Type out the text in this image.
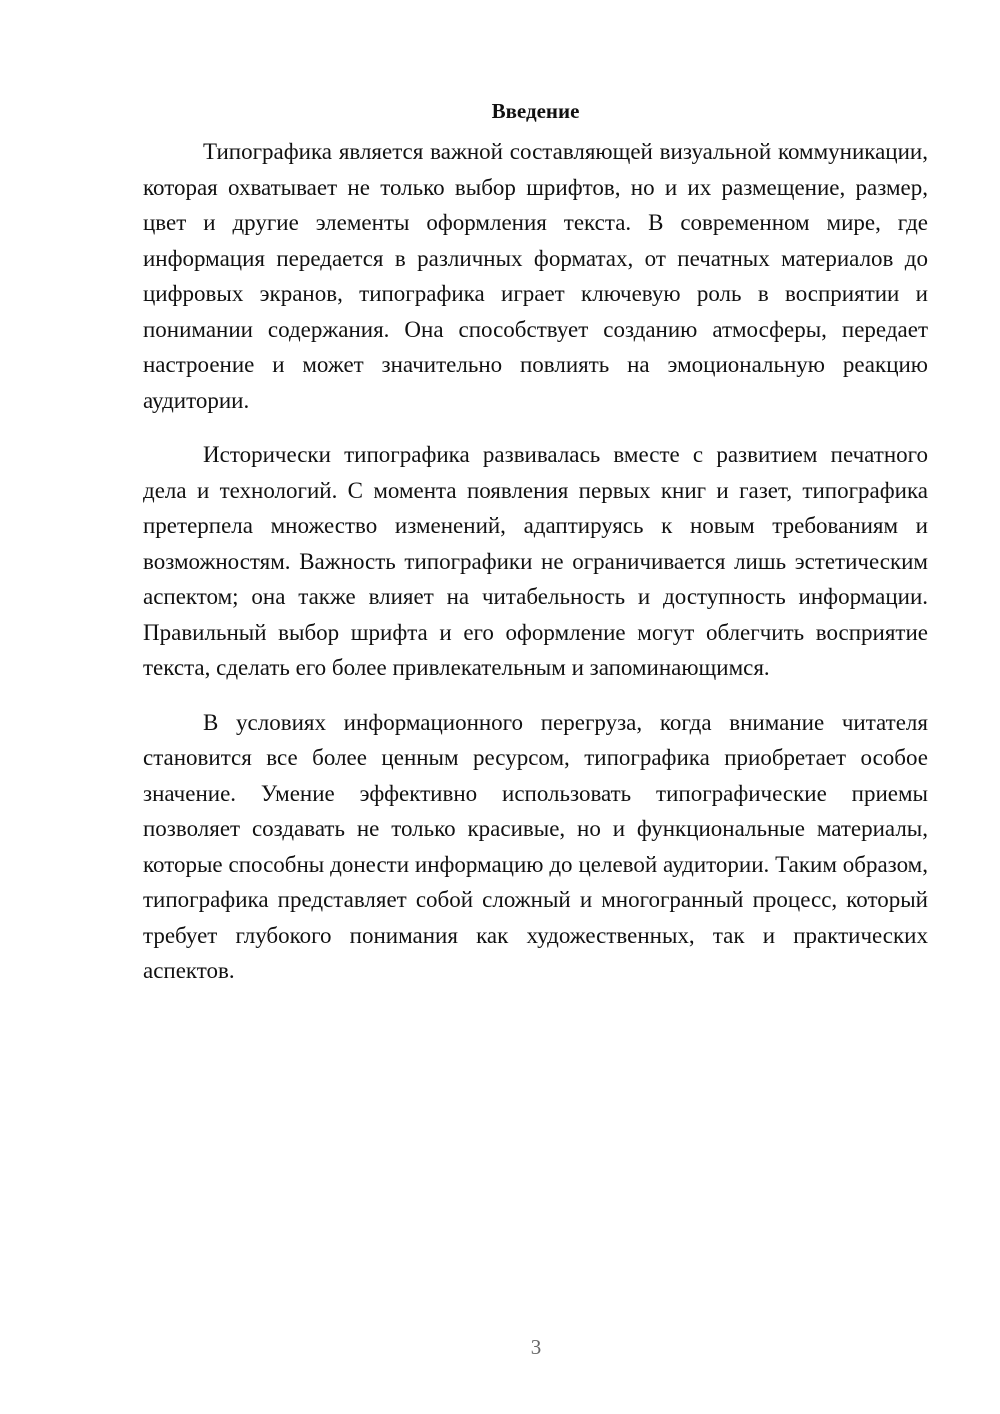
Введение

Типографика является важной составляющей визуальной коммуникации, которая охватывает не только выбор шрифтов, но и их размещение, размер, цвет и другие элементы оформления текста. В современном мире, где информация передается в различных форматах, от печатных материалов до цифровых экранов, типографика играет ключевую роль в восприятии и понимании содержания. Она способствует созданию атмосферы, передает настроение и может значительно повлиять на эмоциональную реакцию аудитории.

Исторически типографика развивалась вместе с развитием печатного дела и технологий. С момента появления первых книг и газет, типографика претерпела множество изменений, адаптируясь к новым требованиям и возможностям. Важность типографики не ограничивается лишь эстетическим аспектом; она также влияет на читабельность и доступность информации. Правильный выбор шрифта и его оформление могут облегчить восприятие текста, сделать его более привлекательным и запоминающимся.

В условиях информационного перегруза, когда внимание читателя становится все более ценным ресурсом, типографика приобретает особое значение. Умение эффективно использовать типографические приемы позволяет создавать не только красивые, но и функциональные материалы, которые способны донести информацию до целевой аудитории. Таким образом, типографика представляет собой сложный и многогранный процесс, который требует глубокого понимания как художественных, так и практических аспектов.

3
